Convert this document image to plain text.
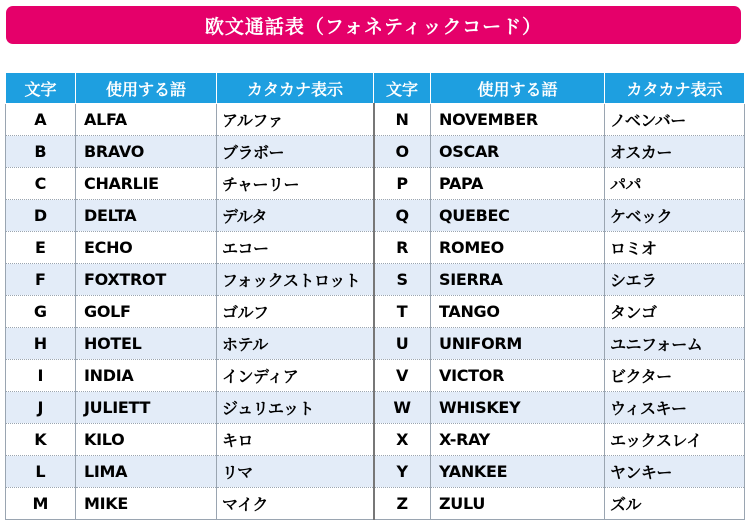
欧文通話表（フォネティックコード）
文字	使用する語	カタカナ表示	文字	使用する語	カタカナ表示
A	ALFA	アルファ	N	NOVEMBER	ノベンバー
B	BRAVO	ブラボー	O	OSCAR	オスカー
C	CHARLIE	チャーリー	P	PAPA	パパ
D	DELTA	デルタ	Q	QUEBEC	ケベック
E	ECHO	エコー	R	ROMEO	ロミオ
F	FOXTROT	フォックストロット	S	SIERRA	シエラ
G	GOLF	ゴルフ	T	TANGO	タンゴ
H	HOTEL	ホテル	U	UNIFORM	ユニフォーム
I	INDIA	インディア	V	VICTOR	ビクター
J	JULIETT	ジュリエット	W	WHISKEY	ウィスキー
K	KILO	キロ	X	X-RAY	エックスレイ
L	LIMA	リマ	Y	YANKEE	ヤンキー
M	MIKE	マイク	Z	ZULU	ズル
